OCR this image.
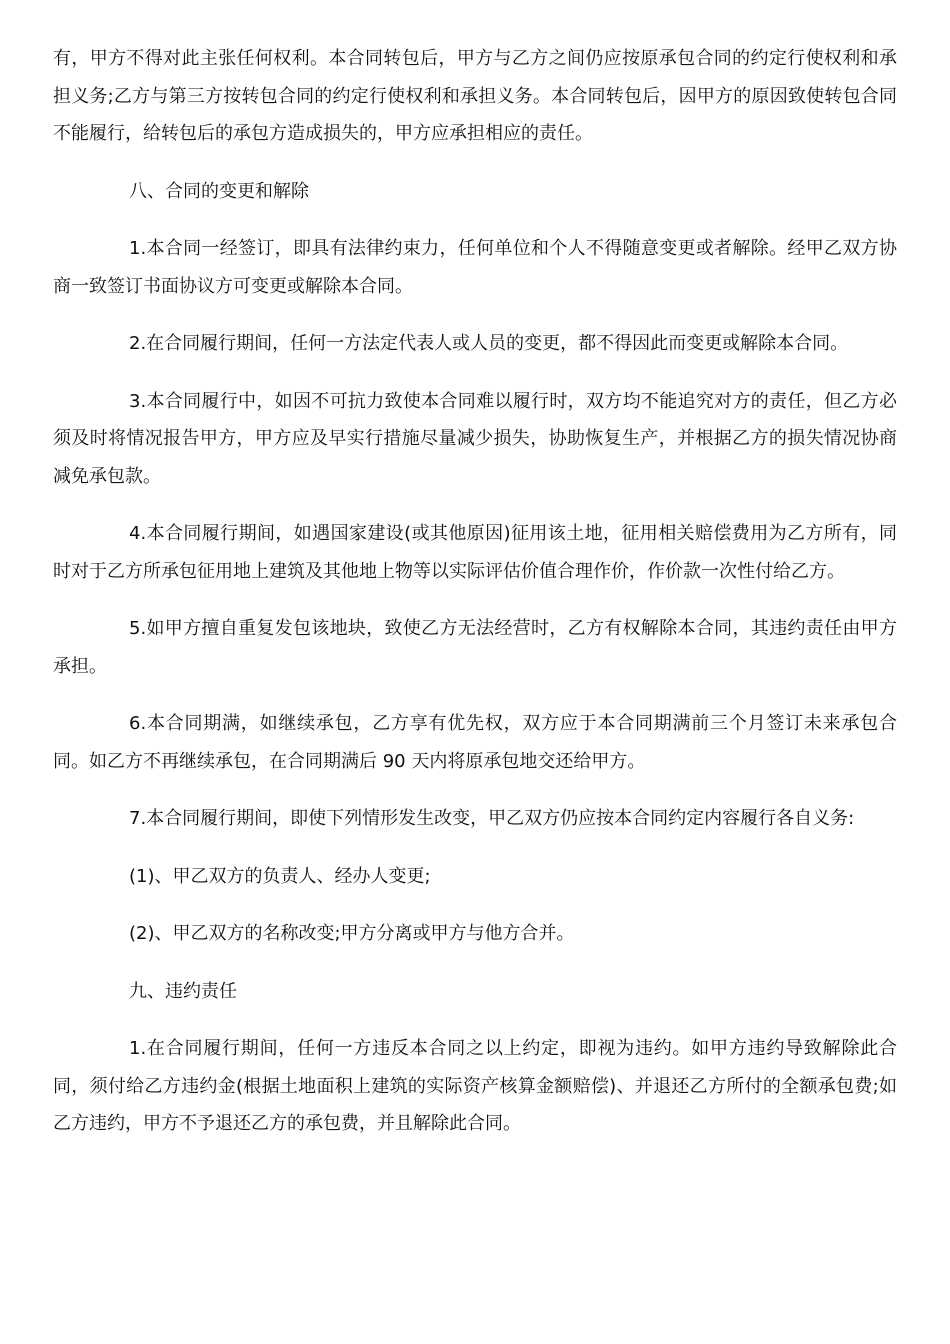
有，甲方不得对此主张任何权利。本合同转包后，甲方与乙方之间仍应按原承包合同的约定行使权利和承担义务;乙方与第三方按转包合同的约定行使权利和承担义务。本合同转包后，因甲方的原因致使转包合同不能履行，给转包后的承包方造成损失的，甲方应承担相应的责任。

八、合同的变更和解除

1.本合同一经签订，即具有法律约束力，任何单位和个人不得随意变更或者解除。经甲乙双方协商一致签订书面协议方可变更或解除本合同。

2.在合同履行期间，任何一方法定代表人或人员的变更，都不得因此而变更或解除本合同。

3.本合同履行中，如因不可抗力致使本合同难以履行时，双方均不能追究对方的责任，但乙方必须及时将情况报告甲方，甲方应及早实行措施尽量减少损失，协助恢复生产，并根据乙方的损失情况协商减免承包款。

4.本合同履行期间，如遇国家建设(或其他原因)征用该土地，征用相关赔偿费用为乙方所有，同时对于乙方所承包征用地上建筑及其他地上物等以实际评估价值合理作价，作价款一次性付给乙方。

5.如甲方擅自重复发包该地块，致使乙方无法经营时，乙方有权解除本合同，其违约责任由甲方承担。

6.本合同期满，如继续承包，乙方享有优先权，双方应于本合同期满前三个月签订未来承包合同。如乙方不再继续承包，在合同期满后 90 天内将原承包地交还给甲方。

7.本合同履行期间，即使下列情形发生改变，甲乙双方仍应按本合同约定内容履行各自义务:

(1)、甲乙双方的负责人、经办人变更;

(2)、甲乙双方的名称改变;甲方分离或甲方与他方合并。

九、违约责任

1.在合同履行期间，任何一方违反本合同之以上约定，即视为违约。如甲方违约导致解除此合同，须付给乙方违约金(根据土地面积上建筑的实际资产核算金额赔偿)、并退还乙方所付的全额承包费;如乙方违约，甲方不予退还乙方的承包费，并且解除此合同。
